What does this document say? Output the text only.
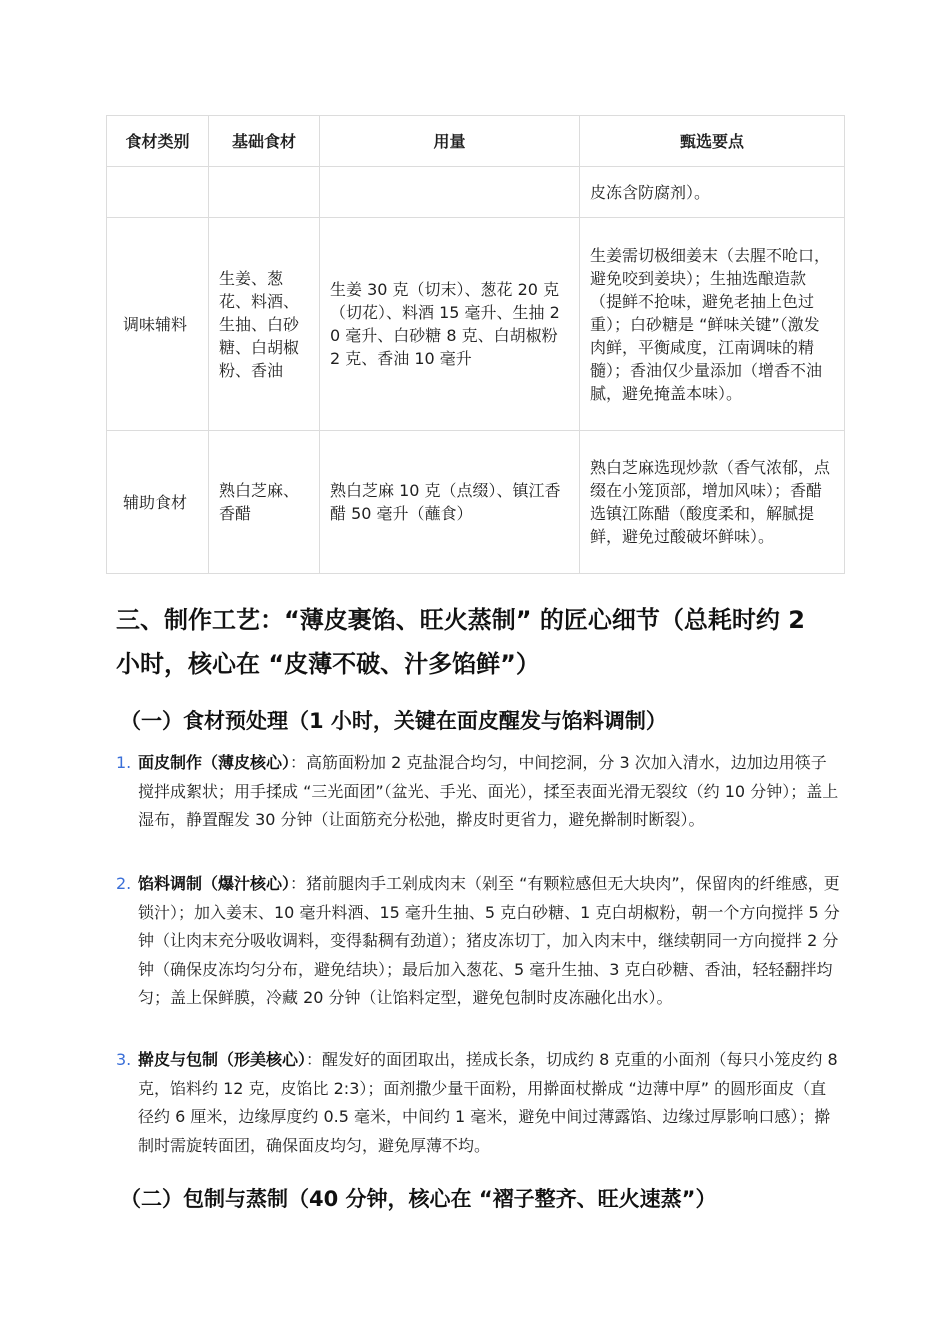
食材类别	基础食材	用量	甄选要点
			皮冻含防腐剂）。
调味辅料	生姜、葱花、料酒、生抽、白砂糖、白胡椒粉、香油	生姜 30 克（切末）、葱花 20 克（切花）、料酒 15 毫升、生抽 20 毫升、白砂糖 8 克、白胡椒粉 2 克、香油 10 毫升	生姜需切极细姜末（去腥不呛口，避免咬到姜块）；生抽选酿造款（提鲜不抢味，避免老抽上色过重）；白砂糖是 “鲜味关键”（激发肉鲜，平衡咸度，江南调味的精髓）；香油仅少量添加（增香不油腻，避免掩盖本味）。
辅助食材	熟白芝麻、香醋	熟白芝麻 10 克（点缀）、镇江香醋 50 毫升（蘸食）	熟白芝麻选现炒款（香气浓郁，点缀在小笼顶部，增加风味）；香醋选镇江陈醋（酸度柔和，解腻提鲜，避免过酸破坏鲜味）。
三、制作工艺：“薄皮裹馅、旺火蒸制” 的匠心细节（总耗时约 2 小时，核心在 “皮薄不破、汁多馅鲜”）
（一）食材预处理（1 小时，关键在面皮醒发与馅料调制）
1. 面皮制作（薄皮核心）：高筋面粉加 2 克盐混合均匀，中间挖洞，分 3 次加入清水，边加边用筷子搅拌成絮状；用手揉成 “三光面团”（盆光、手光、面光），揉至表面光滑无裂纹（约 10 分钟）；盖上湿布，静置醒发 30 分钟（让面筋充分松弛，擀皮时更省力，避免擀制时断裂）。
2. 馅料调制（爆汁核心）：猪前腿肉手工剁成肉末（剁至 “有颗粒感但无大块肉”，保留肉的纤维感，更锁汁）；加入姜末、10 毫升料酒、15 毫升生抽、5 克白砂糖、1 克白胡椒粉，朝一个方向搅拌 5 分钟（让肉末充分吸收调料，变得黏稠有劲道）；猪皮冻切丁，加入肉末中，继续朝同一方向搅拌 2 分钟（确保皮冻均匀分布，避免结块）；最后加入葱花、5 毫升生抽、3 克白砂糖、香油，轻轻翻拌均匀；盖上保鲜膜，冷藏 20 分钟（让馅料定型，避免包制时皮冻融化出水）。
3. 擀皮与包制（形美核心）：醒发好的面团取出，搓成长条，切成约 8 克重的小面剂（每只小笼皮约 8 克，馅料约 12 克，皮馅比 2:3）；面剂撒少量干面粉，用擀面杖擀成 “边薄中厚” 的圆形面皮（直径约 6 厘米，边缘厚度约 0.5 毫米，中间约 1 毫米，避免中间过薄露馅、边缘过厚影响口感）；擀制时需旋转面团，确保面皮均匀，避免厚薄不均。
（二）包制与蒸制（40 分钟，核心在 “褶子整齐、旺火速蒸”）
